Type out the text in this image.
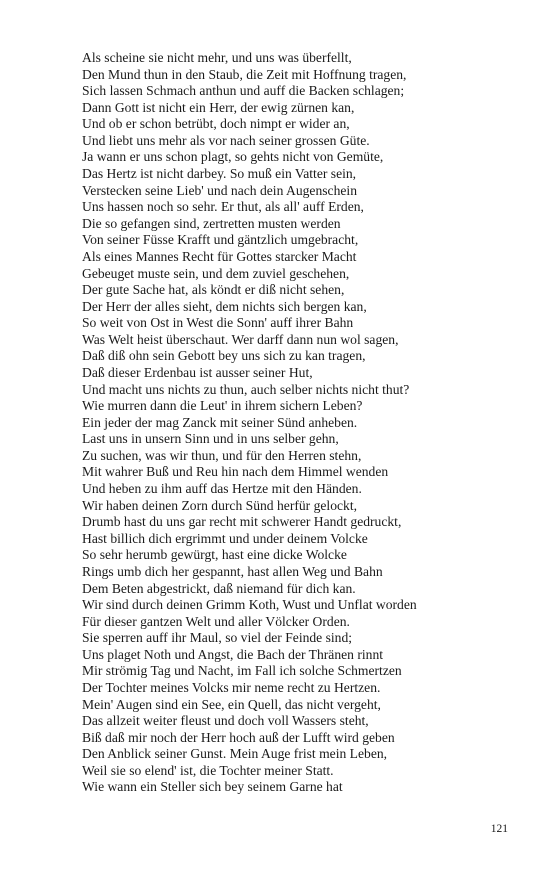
Als scheine sie nicht mehr, und uns was überfellt,
Den Mund thun in den Staub, die Zeit mit Hoffnung tragen,
Sich lassen Schmach anthun und auff die Backen schlagen;
Dann Gott ist nicht ein Herr, der ewig zürnen kan,
Und ob er schon betrübt, doch nimpt er wider an,
Und liebt uns mehr als vor nach seiner grossen Güte.
Ja wann er uns schon plagt, so gehts nicht von Gemüte,
Das Hertz ist nicht darbey. So muß ein Vatter sein,
Verstecken seine Lieb' und nach dein Augenschein
Uns hassen noch so sehr. Er thut, als all' auff Erden,
Die so gefangen sind, zertretten musten werden
Von seiner Füsse Krafft und gäntzlich umgebracht,
Als eines Mannes Recht für Gottes starcker Macht
Gebeuget muste sein, und dem zuviel geschehen,
Der gute Sache hat, als köndt er diß nicht sehen,
Der Herr der alles sieht, dem nichts sich bergen kan,
So weit von Ost in West die Sonn' auff ihrer Bahn
Was Welt heist überschaut. Wer darff dann nun wol sagen,
Daß diß ohn sein Gebott bey uns sich zu kan tragen,
Daß dieser Erdenbau ist ausser seiner Hut,
Und macht uns nichts zu thun, auch selber nichts nicht thut?
Wie murren dann die Leut' in ihrem sichern Leben?
Ein jeder der mag Zanck mit seiner Sünd anheben.
Last uns in unsern Sinn und in uns selber gehn,
Zu suchen, was wir thun, und für den Herren stehn,
Mit wahrer Buß und Reu hin nach dem Himmel wenden
Und heben zu ihm auff das Hertze mit den Händen.
Wir haben deinen Zorn durch Sünd herfür gelockt,
Drumb hast du uns gar recht mit schwerer Handt gedruckt,
Hast billich dich ergrimmt und under deinem Volcke
So sehr herumb gewürgt, hast eine dicke Wolcke
Rings umb dich her gespannt, hast allen Weg und Bahn
Dem Beten abgestrickt, daß niemand für dich kan.
Wir sind durch deinen Grimm Koth, Wust und Unflat worden
Für dieser gantzen Welt und aller Völcker Orden.
Sie sperren auff ihr Maul, so viel der Feinde sind;
Uns plaget Noth und Angst, die Bach der Thränen rinnt
Mir strömig Tag und Nacht, im Fall ich solche Schmertzen
Der Tochter meines Volcks mir neme recht zu Hertzen.
Mein' Augen sind ein See, ein Quell, das nicht vergeht,
Das allzeit weiter fleust und doch voll Wassers steht,
Biß daß mir noch der Herr hoch auß der Lufft wird geben
Den Anblick seiner Gunst. Mein Auge frist mein Leben,
Weil sie so elend' ist, die Tochter meiner Statt.
Wie wann ein Steller sich bey seinem Garne hat
121
